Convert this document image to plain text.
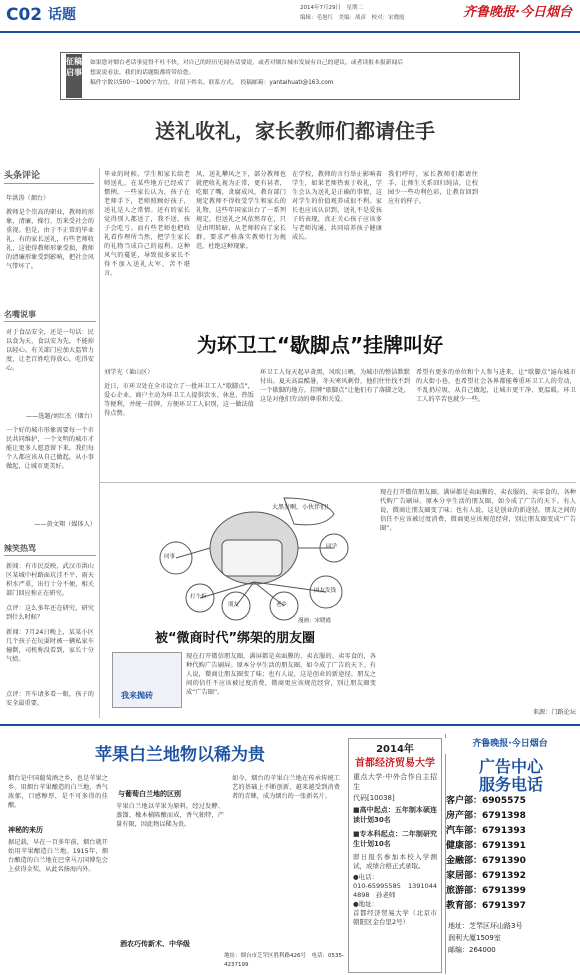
C02 话题	2014年7月29日　星期二
编辑：毛旭红　美编：战彦　校对：宋晓霞	齐鲁晚报·今日烟台
征稿启事
如果您对烟台老话事觉得不吐不快，对自己的经历见闻有话要说，或者对烟台城市发展有自己的建议，或者读报本报新闻后
想说说看法，我们的话题版都将带给您。
稿件字数以500～1000字为宜，并留下姓名、联系方式。　投稿邮箱：yantaihuati@163.com
送礼收礼，家长教师们都请住手
头条评论
年洪涛（烟台）
教师是个崇高的职业，教师的形象，清廉，操行，历来受社会的重视。但是，由于不正常的毕业礼，有的家长送礼，有些老师收礼，这使得教师形象受损，教师的清廉形象受到影响，把社会风气带坏了。
毕业的时候，学生和家长给老师送礼，在某些地方已经成了惯例。一些家长认为，孩子在老师手下，老师照顾好孩子，送礼是人之常情。还有的家长觉得别人都送了，我不送，孩子会吃亏。而有些老师也把收礼看作理所当然，把学生家长的礼物当成自己的福利。这种风气的蔓延，导致很多家长不得不加入送礼大军，苦不堪言。
风，送礼攀风之下，部分教师也就把收礼视为正常，更有甚者，吃眼了嘴，贪腐成风，教育部门规定教师不得收受学生和家长的礼物，这些年国家出台了一系列规定，但送礼之风依然存在，只是由明转暗，从老师转向了家长群，要求严格落实教师行为规范，杜绝这种现象。
在学校，教师的言行举止影响着学生，如果老师热衷于收礼，学生会认为送礼是正确的事情，这对学生的价值观养成很不利。家长也应该认识到，送礼不是爱孩子的表现，真正关心孩子应该多与老师沟通，共同培养孩子健康成长。
我们呼吁，家长教师们都请住手，让师生关系回归纯洁，让校园少一些功利色彩，让教育回到应有的样子。
名嘴说事
对于食品安全，还是一句话：民以食为天，食以安为先，不能掉以轻心。有关部门应加大监管力度，让老百姓吃得放心，吃得安心。
——选题/刘红杰（烟台）
一个好的城市形象需要每一个市民共同维护，一个文明的城市才能让更多人愿意留下来。我们每个人都应该从自己做起，从小事做起，让城市更美好。
——黄文翔（媒体人）
辣笑热骂
新闻：有市民反映，武汉市洪山区某城中村路面坑洼不平，雨天积水严重，出行十分不便，相关部门回应称正在研究。
点评：这么多年还在研究，研究到什么时候？
新闻：7月24日晚上，某某小区几个孩子在玩耍时被一辆私家车撞倒，司机称没看到，家长十分气愤。
点评：开车请多看一眼，孩子的安全最重要。
为环卫工“歇脚点”挂牌叫好
刘学光（莱山区）
近日，市环卫处在全市设立了一批环卫工人“歇脚点”，爱心企业、商户主动为环卫工人提供饮水、休息、热饭等便利，并统一挂牌，方便环卫工人识别，这一做法值得点赞。
环卫工人每天起早贪黑，风吹日晒，为城市的整洁默默付出。夏天高温酷暑，冬天寒风刺骨，他们往往找不到一个歇脚的地方。挂牌“歇脚点”让他们有了落脚之处，这是对他们劳动的尊重和关爱。
希望有更多的单位和个人参与进来，让“歇脚点”遍布城市的大街小巷，也希望社会各界都能尊重环卫工人的劳动，不乱扔垃圾，从自己做起，让城市更干净、更温暖，环卫工人的辛苦也就少一些。
大黑发啊，小伙伴们！
同事
同学
打个折
朋友	老乡
国友发钱
漫画：宋晓霞
被“微商时代”绑架的朋友圈
我来抛砖
现在打开微信朋友圈，满屏都是卖面膜的、卖衣服的、卖零食的，各种代购广告刷屏。原本分享生活的朋友圈，如今成了广告的天下。有人说，微商让朋友圈变了味；也有人说，这是创业的新途径。朋友之间的信任不应该被过度消费，微商更应该规范经营，别让朋友圈变成“广告圈”。
现在打开微信朋友圈，满屏都是卖面膜的、卖衣服的、卖零食的，各种代购广告刷屏。原本分享生活的朋友圈，如今成了广告的天下。有人说，微商让朋友圈变了味；也有人说，这是创业的新途径。朋友之间的信任不应该被过度消费，微商更应该规范经营，别让朋友圈变成“广告圈”。
来源：门路论坛
苹果白兰地物以稀为贵
烟台是中国葡萄酒之乡，也是苹果之乡。用烟台苹果酿造的白兰地，香气浓郁，口感醇厚，是不可多得的佳酿。
神秘的来历
据记载，早在一百多年前，烟台就开始用苹果酿造白兰地。1915年，烟台酿造的白兰地在巴拿马万国博览会上获得金奖，从此名扬海内外。
与葡萄白兰地的区别
苹果白兰地以苹果为原料，经过发酵、蒸馏、橡木桶陈酿而成，香气独特，产量有限，因此物以稀为贵。
酒农巧传新术、中华级
如今，烟台的苹果白兰地在传承传统工艺的基础上不断创新，越来越受到消费者的青睐，成为烟台的一张新名片。
地址：烟台市芝罘区胜利路426号　电话：0535-4237199
2014年
首都经济贸易大学
重点大学·中外合作自主招生
代码[10038]
■高中起点：五年制本硕连读计划30名
■专本科起点：二年制研究生计划10名
即日报名参加本校入学测试，成绩合格正式录取。
●电话：
010-65995585　13910444898　孙老师
●地址：
首都经济贸易大学（北京市朝阳区金台里2号）
齐鲁晚报·今日烟台
广告中心
服务电话
客户部：6905575
房产部：6791398
汽车部：6791393
健康部：6791391
金融部：6791390
家居部：6791392
旅游部：6791399
教育部：6791397
地址：芝罘区环山路3号
润利大厦1509室
邮编：264000
